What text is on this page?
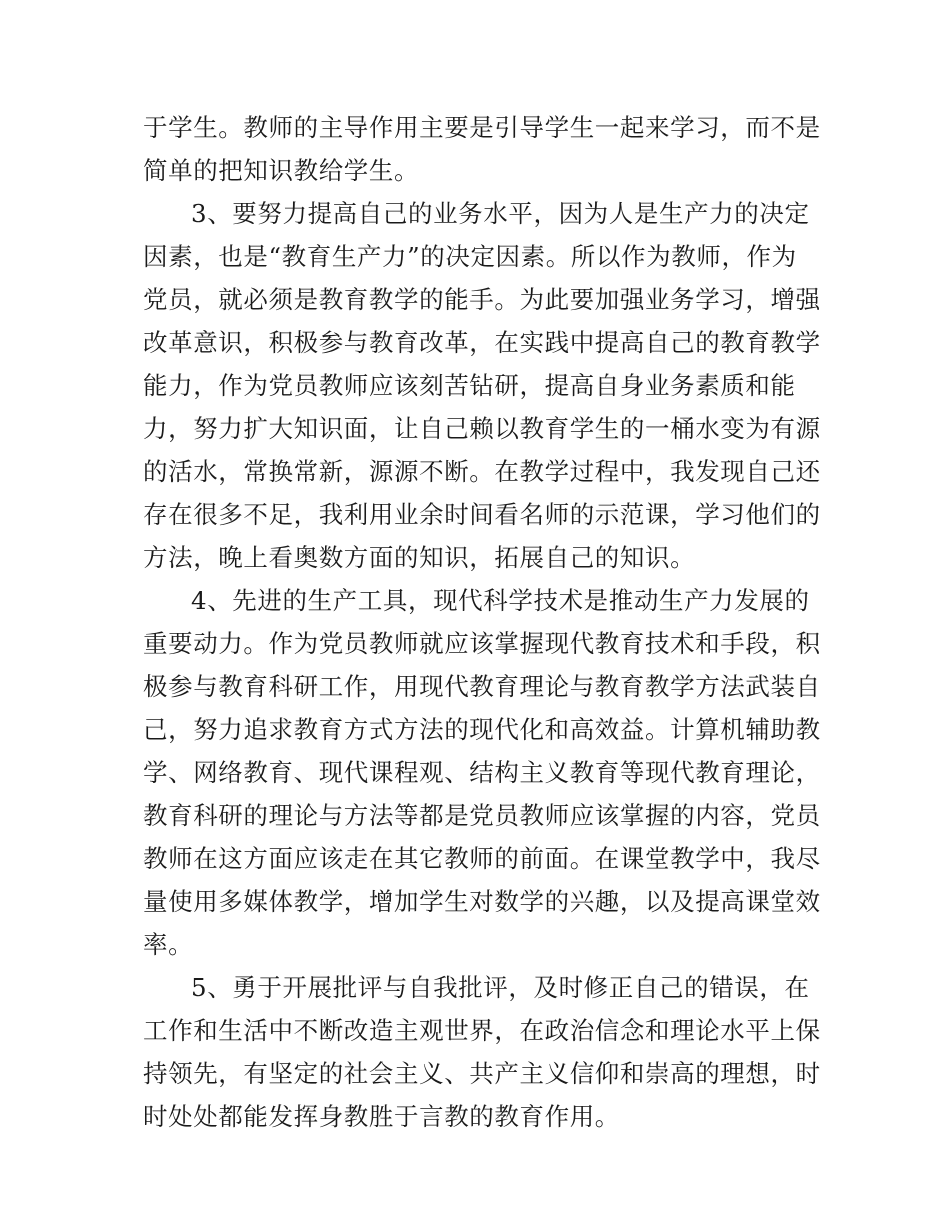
于学生。教师的主导作用主要是引导学生一起来学习，而不是
简单的把知识教给学生。
3、要努力提高自己的业务水平，因为人是生产力的决定
因素，也是“教育生产力”的决定因素。所以作为教师，作为
党员，就必须是教育教学的能手。为此要加强业务学习，增强
改革意识，积极参与教育改革，在实践中提高自己的教育教学
能力，作为党员教师应该刻苦钻研，提高自身业务素质和能
力，努力扩大知识面，让自己赖以教育学生的一桶水变为有源
的活水，常换常新，源源不断。在教学过程中，我发现自己还
存在很多不足，我利用业余时间看名师的示范课，学习他们的
方法，晚上看奥数方面的知识，拓展自己的知识。
4、先进的生产工具，现代科学技术是推动生产力发展的
重要动力。作为党员教师就应该掌握现代教育技术和手段，积
极参与教育科研工作，用现代教育理论与教育教学方法武装自
己，努力追求教育方式方法的现代化和高效益。计算机辅助教
学、网络教育、现代课程观、结构主义教育等现代教育理论，
教育科研的理论与方法等都是党员教师应该掌握的内容，党员
教师在这方面应该走在其它教师的前面。在课堂教学中，我尽
量使用多媒体教学，增加学生对数学的兴趣，以及提高课堂效
率。
5、勇于开展批评与自我批评，及时修正自己的错误，在
工作和生活中不断改造主观世界，在政治信念和理论水平上保
持领先，有坚定的社会主义、共产主义信仰和崇高的理想，时
时处处都能发挥身教胜于言教的教育作用。
